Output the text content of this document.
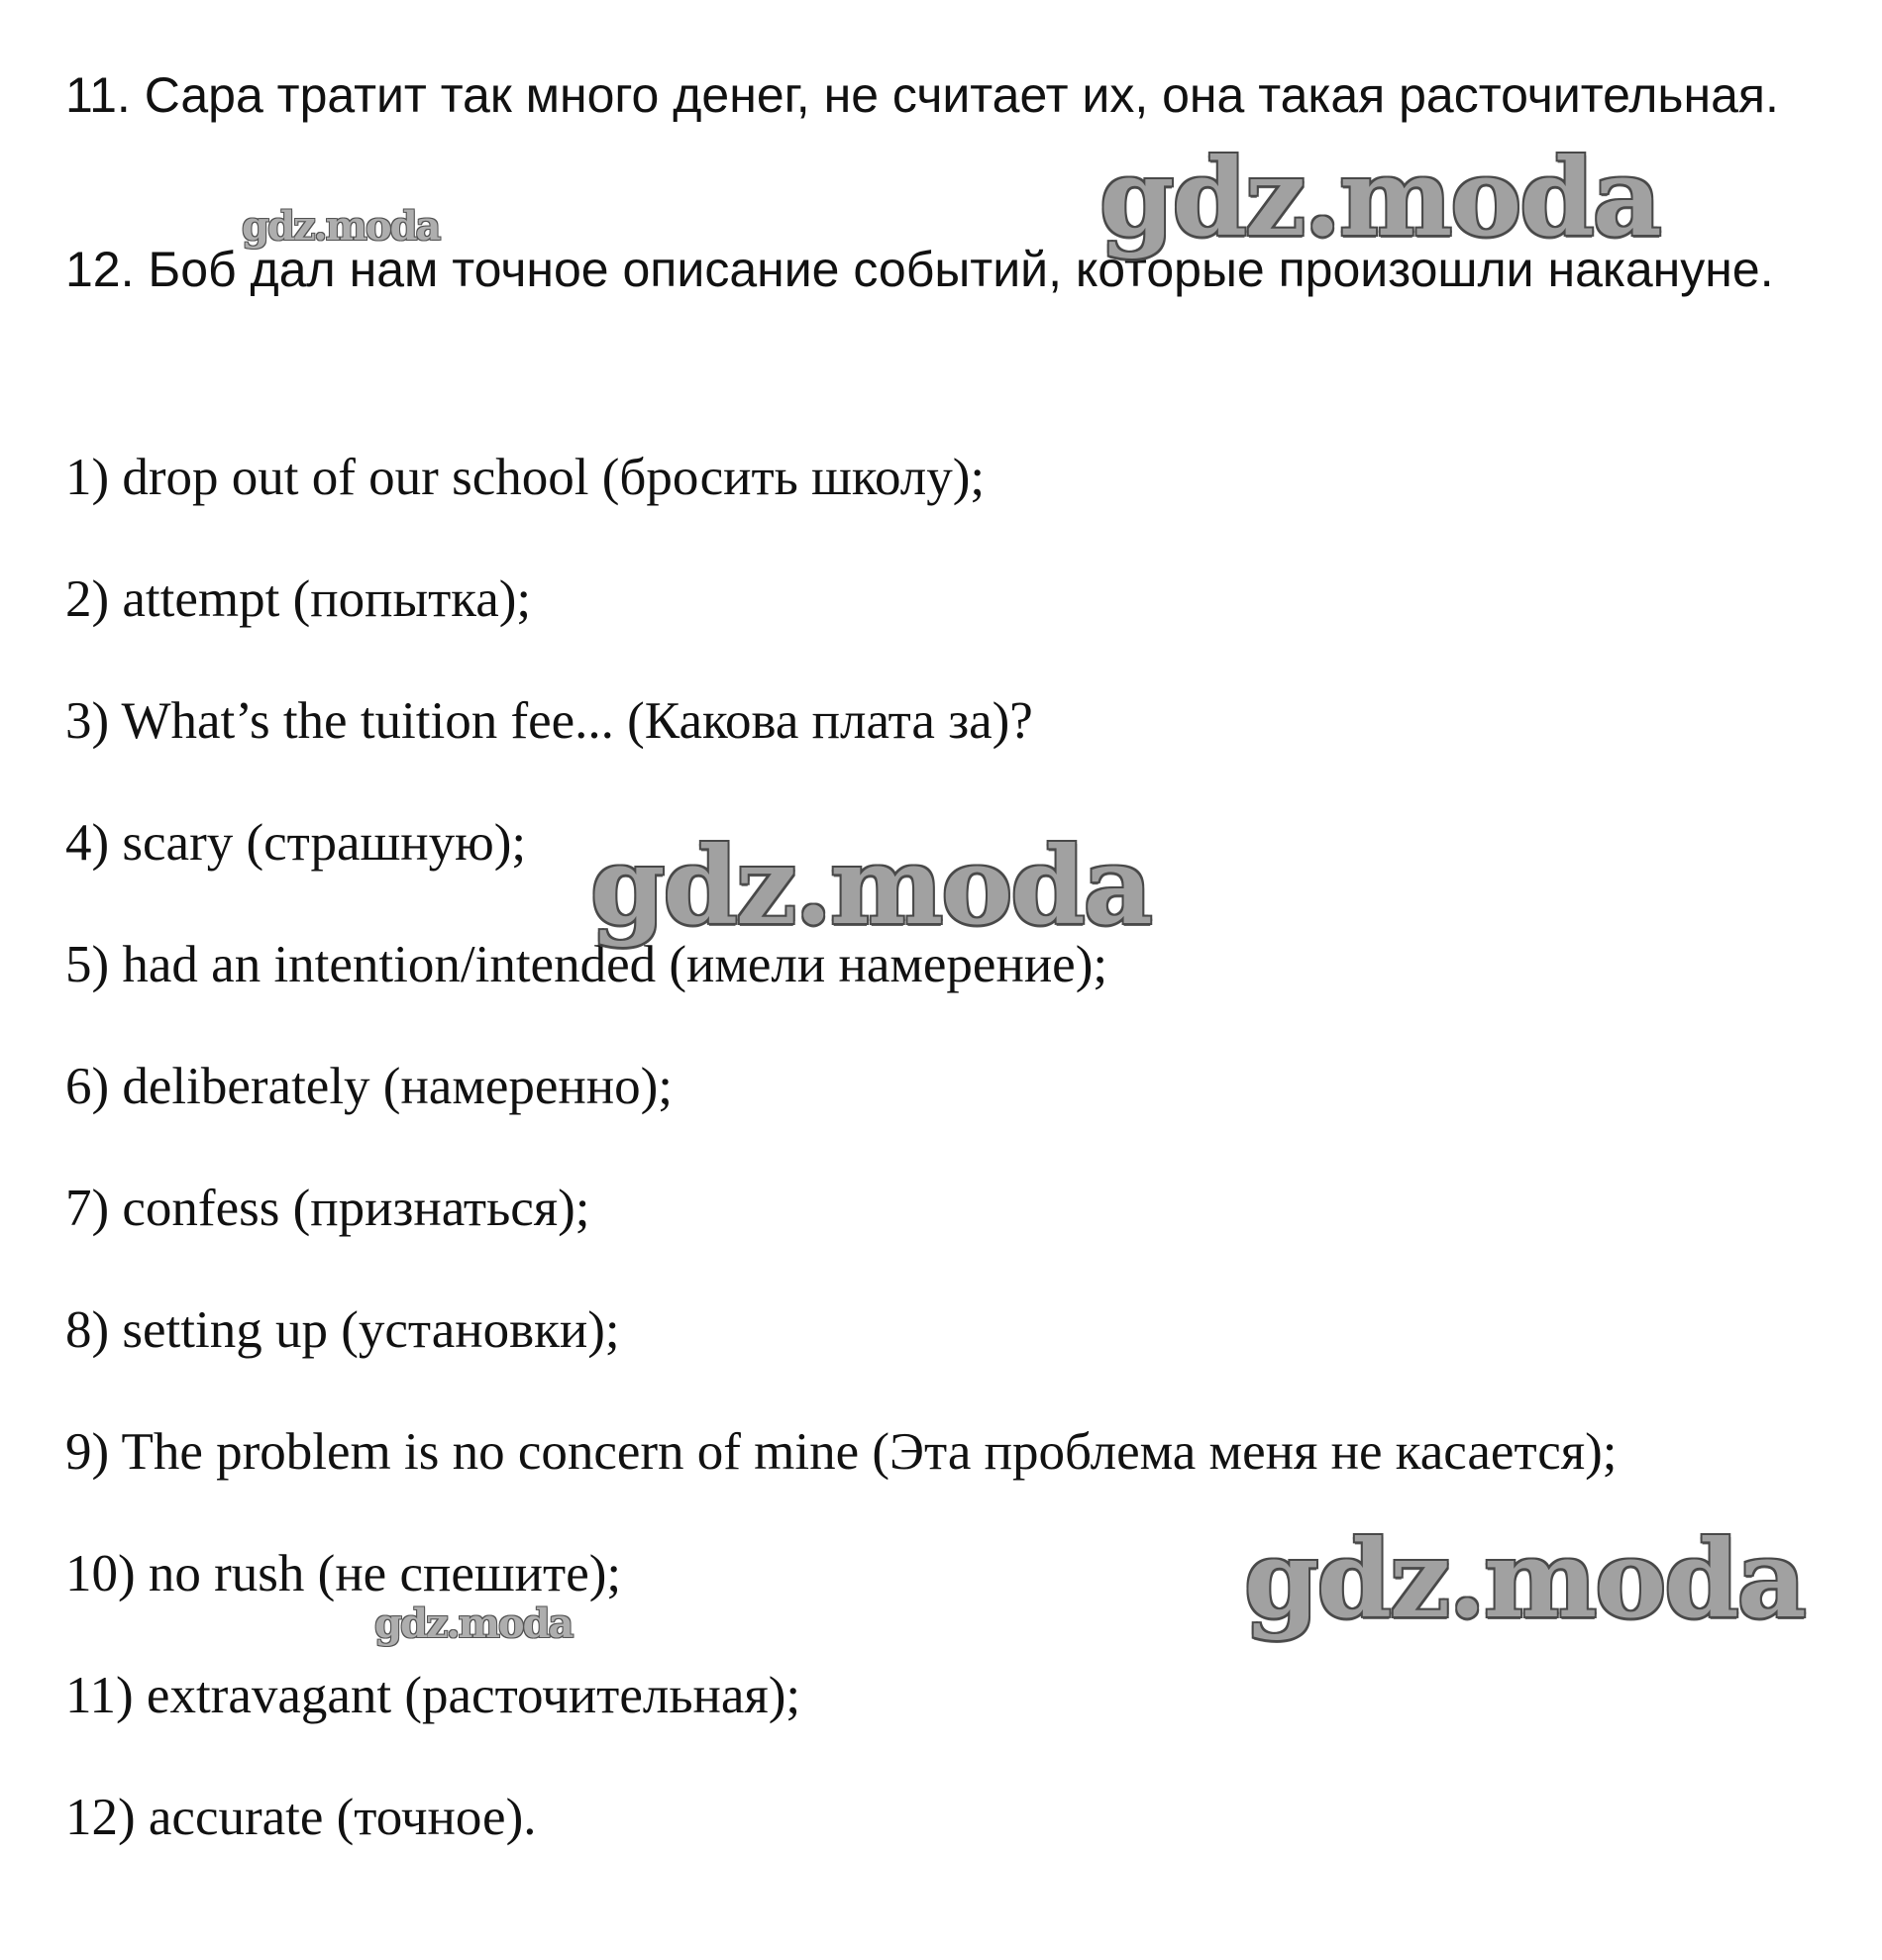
11. Сара тратит так много денег, не считает их, она такая расточительная.

12. Боб дал нам точное описание событий, которые произошли накануне.

1) drop out of our school (бросить школу);
2) attempt (попытка);
3) What’s the tuition fee... (Какова плата за)?
4) scary (страшную);
5) had an intention/intended (имели намерение);
6) deliberately (намеренно);
7) confess (признаться);
8) setting up (установки);
9) The problem is no concern of mine (Эта проблема меня не касается);
10) no rush (не спешите);
11) extravagant (расточительная);
12) accurate (точное).
gdz.moda
gdz.moda
gdz.moda
gdz.moda
gdz.moda
